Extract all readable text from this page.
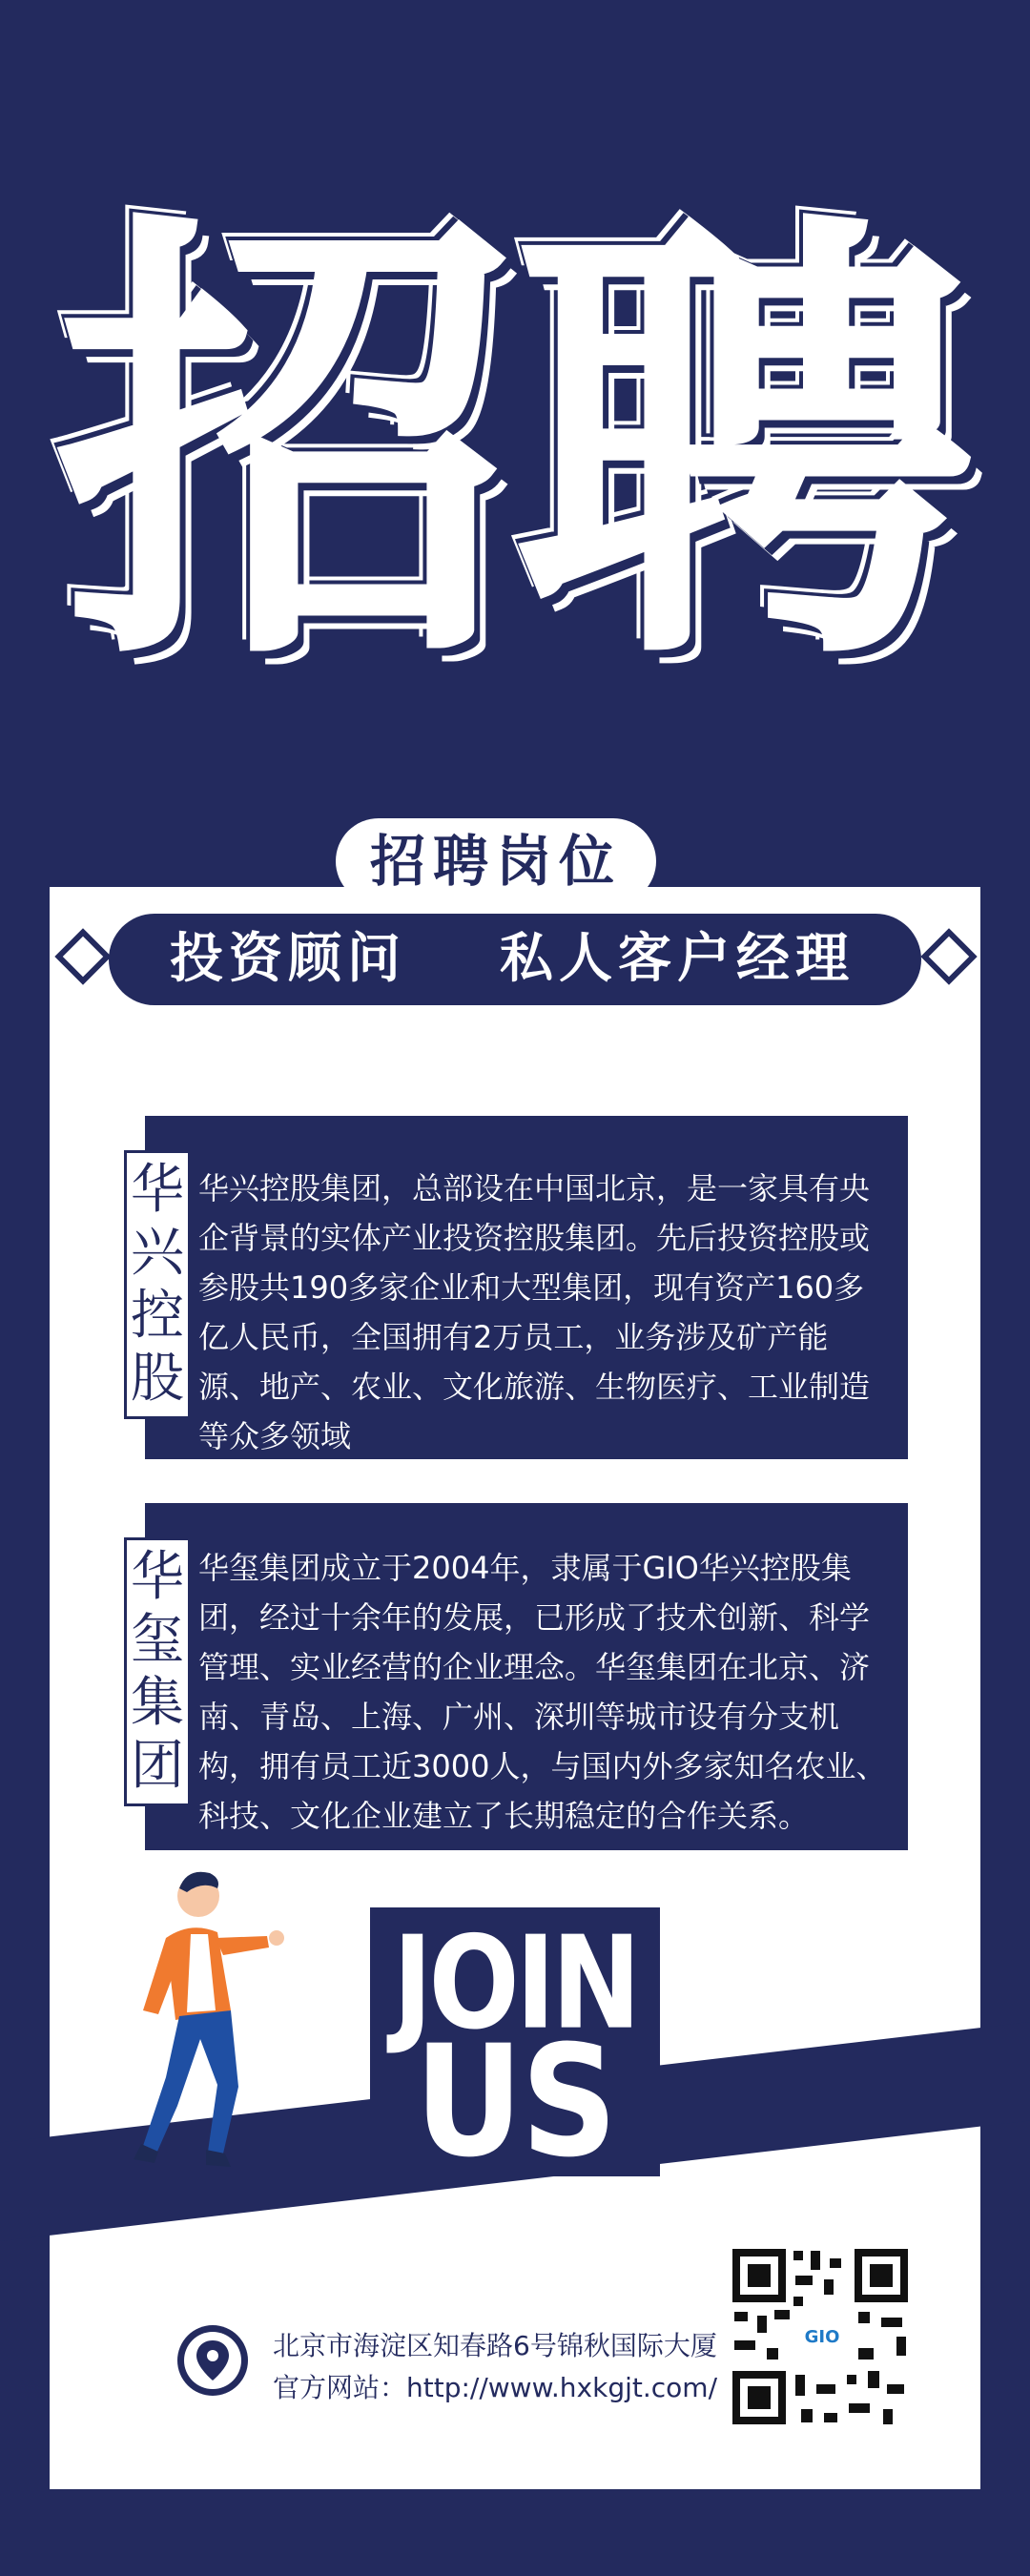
招 聘
招聘岗位
投资顾问 私人客户经理
华兴控股集团，总部设在中国北京，是一家具有央企背景的实体产业投资控股集团。先后投资控股或参股共190多家企业和大型集团，现有资产160多亿人民币，全国拥有2万员工，业务涉及矿产能源、地产、农业、文化旅游、生物医疗、工业制造等众多领域
华
兴
控
股
华玺集团成立于2004年，隶属于GIO华兴控股集团，经过十余年的发展，已形成了技术创新、科学管理、实业经营的企业理念。华玺集团在北京、济南、青岛、上海、广州、深圳等城市设有分支机构，拥有员工近3000人，与国内外多家知名农业、科技、文化企业建立了长期稳定的合作关系。
华
玺
集
团
JOIN
US
北京市海淀区知春路6号锦秋国际大厦
官方网站：http://www.hxkgjt.com/
GIO
